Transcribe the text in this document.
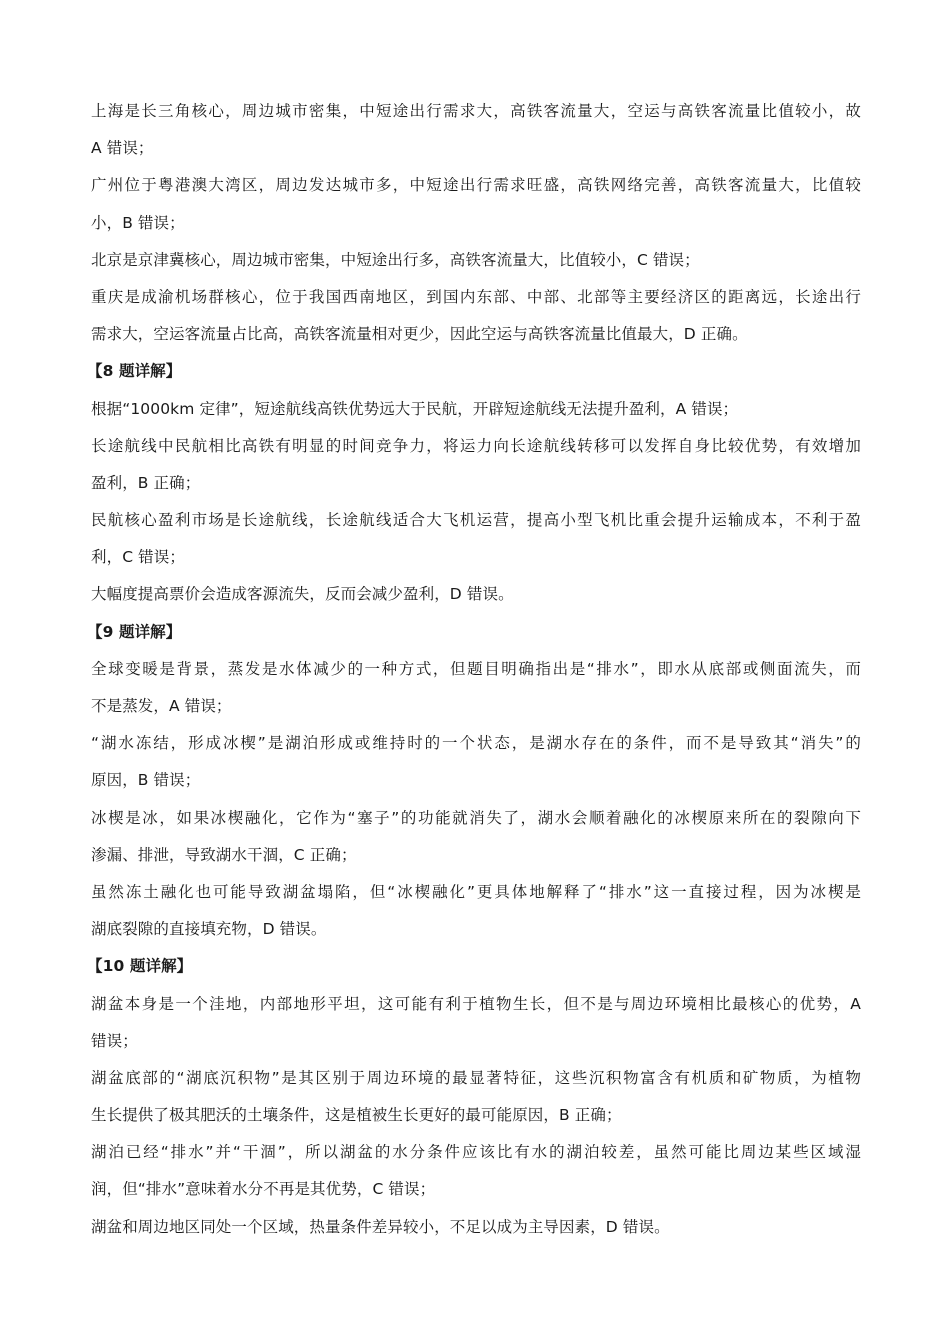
上海是长三角核心，周边城市密集，中短途出行需求大，高铁客流量大，空运与高铁客流量比值较小，故
A 错误；
广州位于粤港澳大湾区，周边发达城市多，中短途出行需求旺盛，高铁网络完善，高铁客流量大，比值较
小，B 错误；
北京是京津冀核心，周边城市密集，中短途出行多，高铁客流量大，比值较小，C 错误；
重庆是成渝机场群核心，位于我国西南地区，到国内东部、中部、北部等主要经济区的距离远，长途出行
需求大，空运客流量占比高，高铁客流量相对更少，因此空运与高铁客流量比值最大，D 正确。
【8 题详解】
根据“1000km 定律”，短途航线高铁优势远大于民航，开辟短途航线无法提升盈利，A 错误；
长途航线中民航相比高铁有明显的时间竞争力，将运力向长途航线转移可以发挥自身比较优势，有效增加
盈利，B 正确；
民航核心盈利市场是长途航线，长途航线适合大飞机运营，提高小型飞机比重会提升运输成本，不利于盈
利，C 错误；
大幅度提高票价会造成客源流失，反而会减少盈利，D 错误。
【9 题详解】
全球变暖是背景，蒸发是水体减少的一种方式，但题目明确指出是“排水”，即水从底部或侧面流失，而
不是蒸发，A 错误；
“湖水冻结，形成冰楔”是湖泊形成或维持时的一个状态，是湖水存在的条件，而不是导致其“消失”的
原因，B 错误；
冰楔是冰，如果冰楔融化，它作为“塞子”的功能就消失了，湖水会顺着融化的冰楔原来所在的裂隙向下
渗漏、排泄，导致湖水干涸，C 正确；
虽然冻土融化也可能导致湖盆塌陷，但“冰楔融化”更具体地解释了“排水”这一直接过程，因为冰楔是
湖底裂隙的直接填充物，D 错误。
【10 题详解】
湖盆本身是一个洼地，内部地形平坦，这可能有利于植物生长，但不是与周边环境相比最核心的优势，A
错误；
湖盆底部的“湖底沉积物”是其区别于周边环境的最显著特征，这些沉积物富含有机质和矿物质，为植物
生长提供了极其肥沃的土壤条件，这是植被生长更好的最可能原因，B 正确；
湖泊已经“排水”并“干涸”，所以湖盆的水分条件应该比有水的湖泊较差，虽然可能比周边某些区域湿
润，但“排水”意味着水分不再是其优势，C 错误；
湖盆和周边地区同处一个区域，热量条件差异较小，不足以成为主导因素，D 错误。
